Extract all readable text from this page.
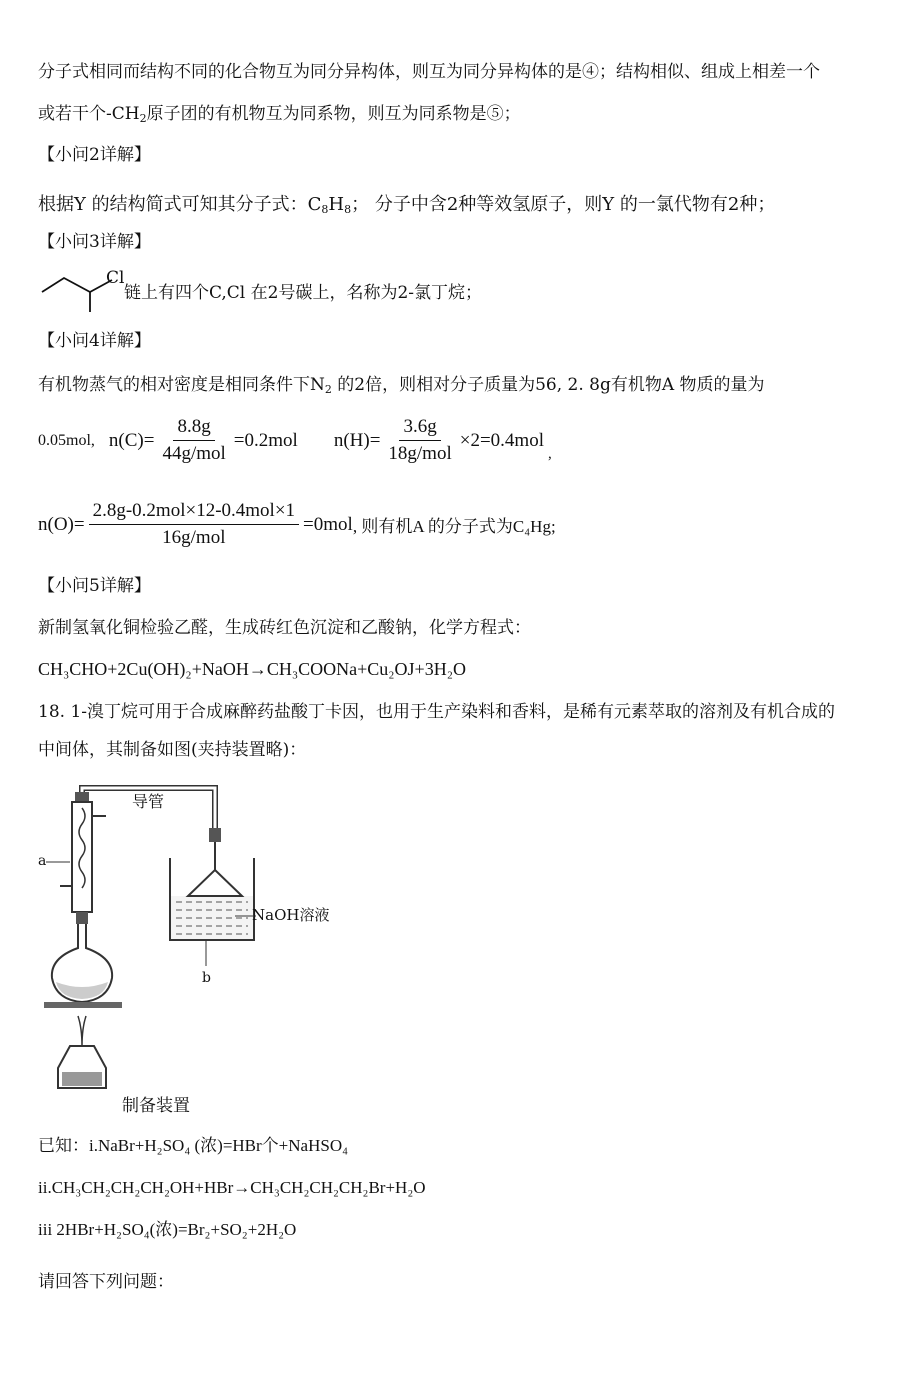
分子式相同而结构不同的化合物互为同分异构体，则互为同分异构体的是④；结构相似、组成上相差一个
或若干个$-CH_2$原子团的有机物互为同系物，则互为同系物是⑤；
【小问2详解】
根据Y 的结构简式可知其分子式：$C_8H_8$； 分子中含2种等效氢原子，则Y 的一氯代物有2种；
【小问3详解】
Cl
链上有四个C,Cl 在2号碳上，名称为2-氯丁烷；
【小问4详解】
有机物蒸气的相对密度是相同条件下$N_2$ 的2倍，则相对分子质量为56, 2. 8g有机物A 物质的量为
0.05mol, $n(C)= \frac{8.8g}{\text{44g/mol}} =0.2mol$ $n(H)= \frac{3.6g}{\text{18g/mol}} \times 2=0.4mol$
,
$n(O)= \frac{\text{2.8g-0.2mol×12-0.4mol×1}}{\text{16g/mol}} =0mol$ , 则有机A 的分子式为C₄Hg;
【小问5详解】
新制氢氧化铜检验乙醛，生成砖红色沉淀和乙酸钠，化学方程式：
CH₃CHO+2Cu(OH)₂+NaOH→CH₃COONa+Cu₂OJ+3H₂O
18. 1-溴丁烷可用于合成麻醉药盐酸丁卡因，也用于生产染料和香料，是稀有元素萃取的溶剂及有机合成的
中间体，其制备如图(夹持装置略)：
导管
a
NaOH溶液
b
制备装置
已知：i.NaBr+H₂SO₄ (浓)=HBr个+NaHSO₄
ii.CH₃CH₂CH₂CH₂OH+HBr→CH₃CH₂CH₂CH₂Br+H₂O
iii 2HBr+H₂SO₄(浓)=Br₂+SO₂+2H₂O
请回答下列问题：
